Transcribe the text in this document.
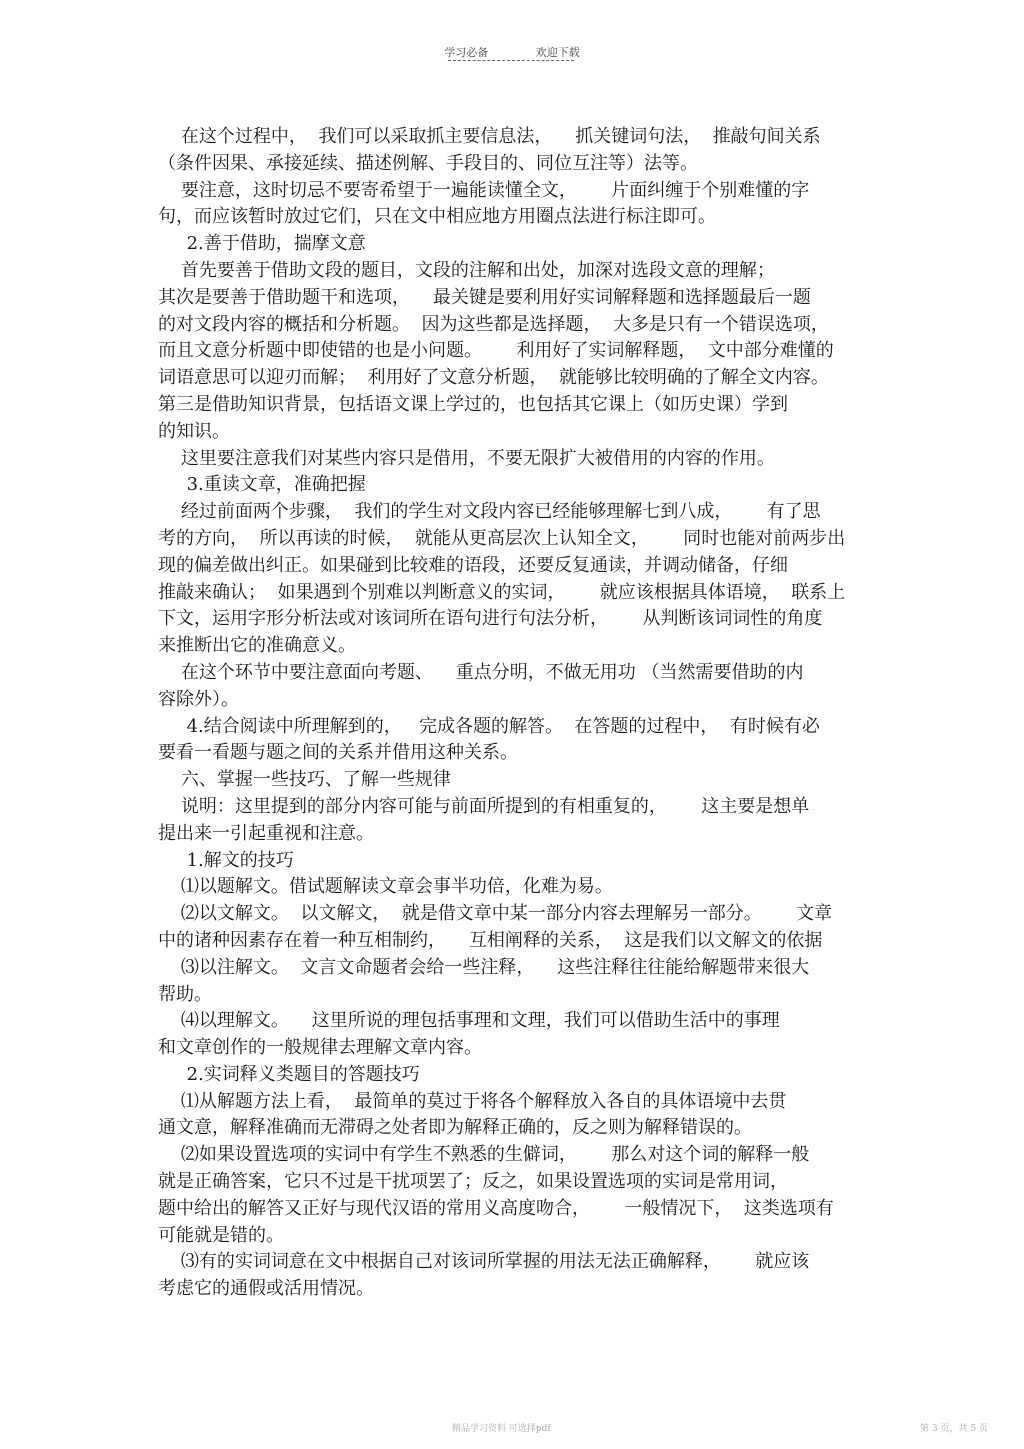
学习必备	欢迎下载
在这个过程中，  我们可以采取抓主要信息法，    抓关键词句法，  推敲句间关系
（条件因果、承接延续、描述例解、手段目的、同位互注等）法等。
要注意，这时切忌不要寄希望于一遍能读懂全文，      片面纠缠于个别难懂的字
句，而应该暂时放过它们，只在文中相应地方用圈点法进行标注即可。
2.善于借助，揣摩文意
首先要善于借助文段的题目，文段的注解和出处，加深对选段文意的理解；
其次是要善于借助题干和选项，    最关键是要利用好实词解释题和选择题最后一题
的对文段内容的概括和分析题。  因为这些都是选择题，  大多是只有一个错误选项，
而且文意分析题中即使错的也是小问题。      利用好了实词解释题，  文中部分难懂的
词语意思可以迎刃而解；  利用好了文意分析题，  就能够比较明确的了解全文内容。
第三是借助知识背景，包括语文课上学过的，也包括其它课上（如历史课）学到
的知识。
这里要注意我们对某些内容只是借用，不要无限扩大被借用的内容的作用。
3.重读文章，准确把握
经过前面两个步骤，  我们的学生对文段内容已经能够理解七到八成，      有了思
考的方向，  所以再读的时候，  就能从更高层次上认知全文，      同时也能对前两步出
现的偏差做出纠正。如果碰到比较难的语段，还要反复通读，并调动储备，仔细
推敲来确认；  如果遇到个别难以判断意义的实词，      就应该根据具体语境，  联系上
下文，运用字形分析法或对该词所在语句进行句法分析，      从判断该词词性的角度
来推断出它的准确意义。
在这个环节中要注意面向考题、    重点分明，不做无用功 （当然需要借助的内
容除外）。
4.结合阅读中所理解到的，   完成各题的解答。  在答题的过程中，  有时候有必
要看一看题与题之间的关系并借用这种关系。
六、掌握一些技巧、了解一些规律
说明：这里提到的部分内容可能与前面所提到的有相重复的，      这主要是想单
提出来一引起重视和注意。
1.解文的技巧
⑴以题解文。借试题解读文章会事半功倍，化难为易。
⑵以文解文。  以文解文，  就是借文章中某一部分内容去理解另一部分。      文章
中的诸种因素存在着一种互相制约，    互相阐释的关系，  这是我们以文解文的依据
⑶以注解文。  文言文命题者会给一些注释，    这些注释往往能给解题带来很大
帮助。
⑷以理解文。    这里所说的理包括事理和文理，我们可以借助生活中的事理
和文章创作的一般规律去理解文章内容。
2.实词释义类题目的答题技巧
⑴从解题方法上看，  最简单的莫过于将各个解释放入各自的具体语境中去贯
通文意，解释准确而无滞碍之处者即为解释正确的，反之则为解释错误的。
⑵如果设置选项的实词中有学生不熟悉的生僻词，      那么对这个词的解释一般
就是正确答案，它只不过是干扰项罢了；反之，如果设置选项的实词是常用词，
题中给出的解答又正好与现代汉语的常用义高度吻合，      一般情况下，  这类选项有
可能就是错的。
⑶有的实词词意在文中根据自己对该词所掌握的用法无法正确解释，      就应该
考虑它的通假或活用情况。
精品学习资料 可选择pdf	第 3 页，共 5 页
